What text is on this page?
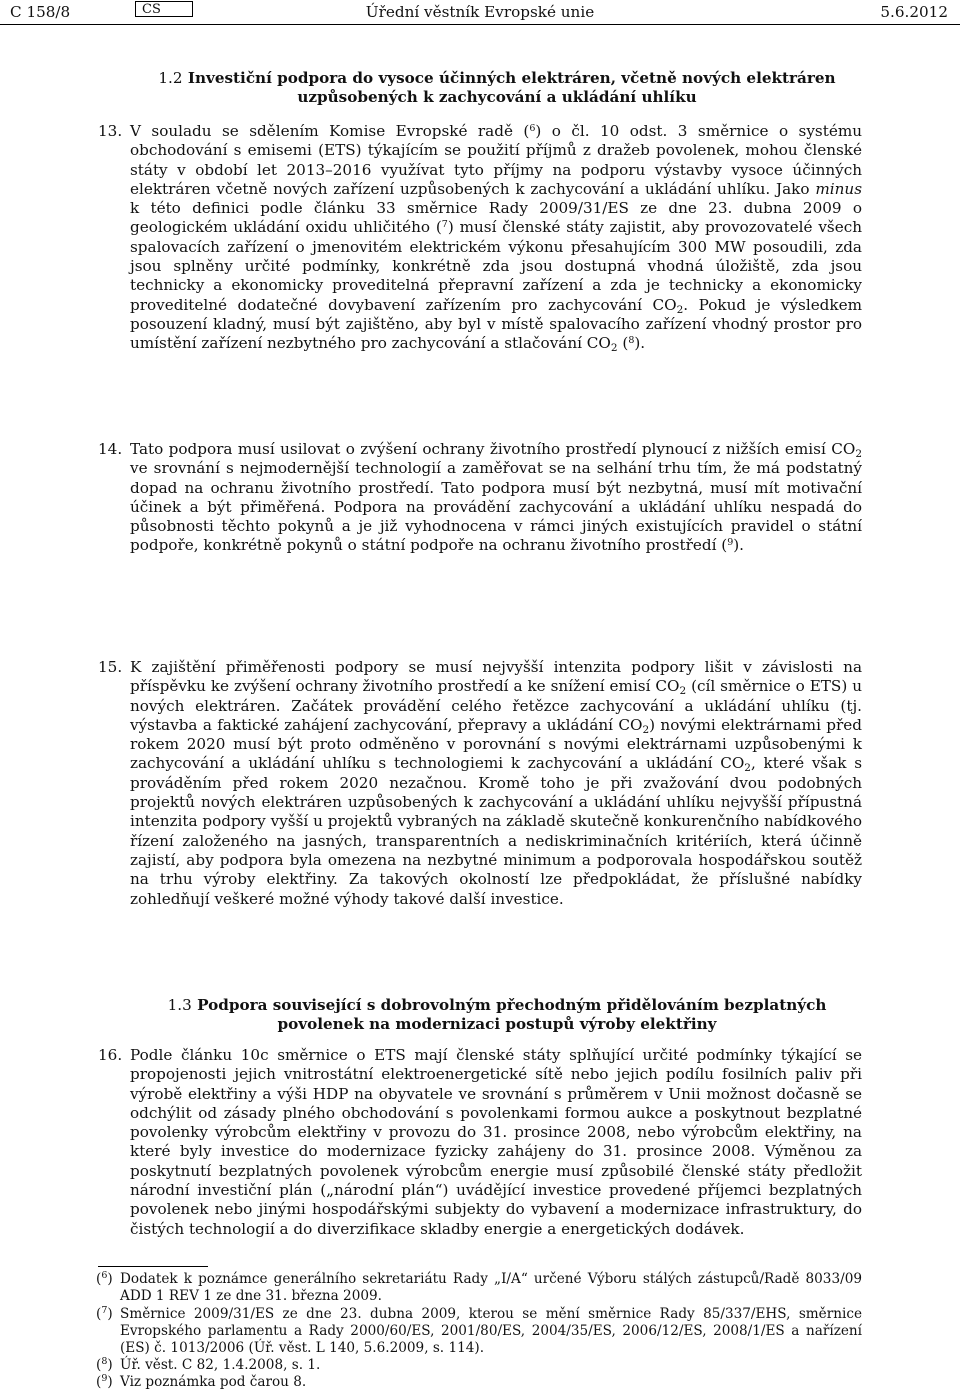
C 158/8	CS	Úřední věstník Evropské unie	5.6.2012
1.2 Investiční podpora do vysoce účinných elektráren, včetně nových elektráren uzpůsobených k zachycování a ukládání uhlíku
13. V souladu se sdělením Komise Evropské radě ($^6$) o čl. 10 odst. 3 směrnice o systému obchodování s emisemi (ETS) týkajícím se použití příjmů z dražeb povolenek, mohou členské státy v období let 2013–2016 využívat tyto příjmy na podporu výstavby vysoce účinných elektráren včetně nových zařízení uzpůsobených k zachycování a ukládání uhlíku. Jako minus k této definici podle článku 33 směrnice Rady 2009/31/ES ze dne 23. dubna 2009 o geologickém ukládání oxidu uhličitého ($^7$) musí členské státy zajistit, aby provozovatelé všech spalovacích zařízení o jmenovitém elektrickém výkonu přesahujícím 300 MW posoudili, zda jsou splněny určité podmínky, konkrétně zda jsou dostupná vhodná úložiště, zda jsou technicky a ekonomicky proveditelná přepravní zařízení a zda je technicky a ekonomicky proveditelné dodatečné dovybavení zařízením pro zachycování $CO_2$. Pokud je výsledkem posouzení kladný, musí být zajištěno, aby byl v místě spalovacího zařízení vhodný prostor pro umístění zařízení nezbytného pro zachycování a stlačování $CO_2$ ($^8$).

14. Tato podpora musí usilovat o zvýšení ochrany životního prostředí plynoucí z nižších emisí $CO_2$ ve srovnání s nejmodernější technologií a zaměřovat se na selhání trhu tím, že má podstatný dopad na ochranu životního prostředí. Tato podpora musí být nezbytná, musí mít motivační účinek a být přiměřená. Podpora na provádění zachycování a ukládání uhlíku nespadá do působnosti těchto pokynů a je již vyhodnocena v rámci jiných existujících pravidel o státní podpoře, konkrétně pokynů o státní podpoře na ochranu životního prostředí ($^9$).

15. K zajištění přiměřenosti podpory se musí nejvyšší intenzita podpory lišit v závislosti na příspěvku ke zvýšení ochrany životního prostředí a ke snížení emisí $CO_2$ (cíl směrnice o ETS) u nových elektráren. Začátek provádění celého řetězce zachycování a ukládání uhlíku (tj. výstavba a faktické zahájení zachycování, přepravy a ukládání $CO_2$) novými elektrárnami před rokem 2020 musí být proto odměněno v porovnání s novými elektrárnami uzpůsobenými k zachycování a ukládání uhlíku s technologiemi k zachycování a ukládání $CO_2$, které však s prováděním před rokem 2020 nezačnou. Kromě toho je při zvažování dvou podobných projektů nových elektráren uzpůsobených k zachycování a ukládání uhlíku nejvyšší přípustná intenzita podpory vyšší u projektů vybraných na základě skutečně konkurenčního nabídkového řízení založeného na jasných, transparentních a nediskriminačních kritériích, která účinně zajistí, aby podpora byla omezena na nezbytné minimum a podporovala hospodářskou soutěž na trhu výroby elektřiny. Za takových okolností lze předpokládat, že příslušné nabídky zohledňují veškeré možné výhody takové další investice.

1.3 Podpora související s dobrovolným přechodným přidělováním bezplatných povolenek na modernizaci postupů výroby elektřiny
16. Podle článku 10c směrnice o ETS mají členské státy splňující určité podmínky týkající se propojenosti jejich vnitrostátní elektroenergetické sítě nebo jejich podílu fosilních paliv při výrobě elektřiny a výši HDP na obyvatele ve srovnání s průměrem v Unii možnost dočasně se odchýlit od zásady plného obchodování s povolenkami formou aukce a poskytnout bezplatné povolenky výrobcům elektřiny v provozu do 31. prosince 2008, nebo výrobcům elektřiny, na které byly investice do modernizace fyzicky zahájeny do 31. prosince 2008. Výměnou za poskytnutí bezplatných povolenek výrobcům energie musí způsobilé členské státy předložit národní investiční plán („národní plán“) uvádějící investice provedené příjemci bezplatných povolenek nebo jinými hospodářskými subjekty do vybavení a modernizace infrastruktury, do čistých technologií a do diverzifikace skladby energie a energetických dodávek.

($^6$) Dodatek k poznámce generálního sekretariátu Rady „I/A“ určené Výboru stálých zástupců/Radě 8033/09 ADD 1 REV 1 ze dne 31. března 2009.
($^7$) Směrnice 2009/31/ES ze dne 23. dubna 2009, kterou se mění směrnice Rady 85/337/EHS, směrnice Evropského parlamentu a Rady 2000/60/ES, 2001/80/ES, 2004/35/ES, 2006/12/ES, 2008/1/ES a nařízení (ES) č. 1013/2006 (Úř. věst. L 140, 5.6.2009, s. 114).
($^8$) Úř. věst. C 82, 1.4.2008, s. 1.
($^9$) Viz poznámka pod čarou 8.
